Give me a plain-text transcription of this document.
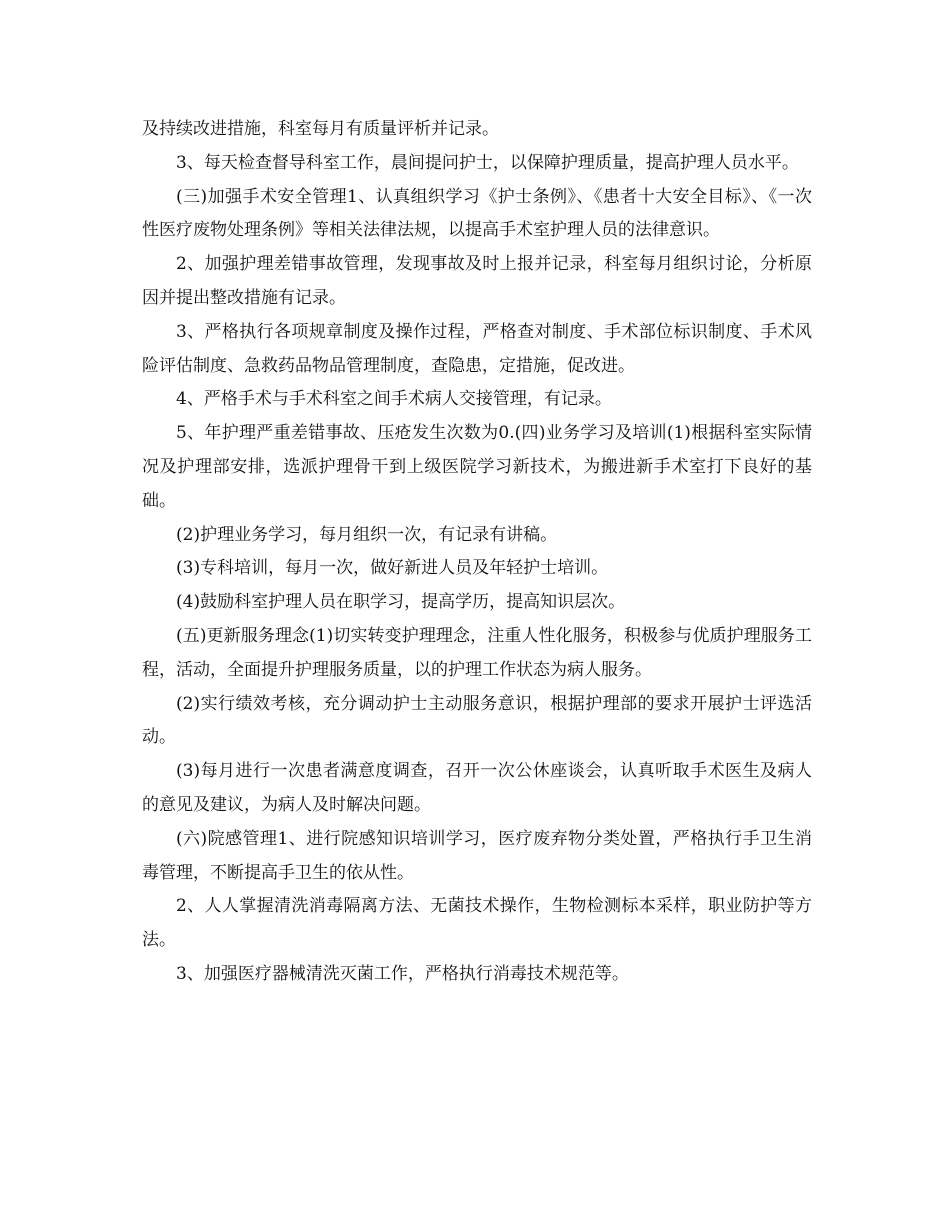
及持续改进措施，科室每月有质量评析并记录。

3、每天检查督导科室工作，晨间提问护士，以保障护理质量，提高护理人员水平。

(三)加强手术安全管理1、认真组织学习《护士条例》、《患者十大安全目标》、《一次性医疗废物处理条例》等相关法律法规，以提高手术室护理人员的法律意识。

2、加强护理差错事故管理，发现事故及时上报并记录，科室每月组织讨论，分析原因并提出整改措施有记录。

3、严格执行各项规章制度及操作过程，严格查对制度、手术部位标识制度、手术风险评估制度、急救药品物品管理制度，查隐患，定措施，促改进。

4、严格手术与手术科室之间手术病人交接管理，有记录。

5、年护理严重差错事故、压疮发生次数为0.(四)业务学习及培训(1)根据科室实际情况及护理部安排，选派护理骨干到上级医院学习新技术，为搬进新手术室打下良好的基础。

(2)护理业务学习，每月组织一次，有记录有讲稿。

(3)专科培训，每月一次，做好新进人员及年轻护士培训。

(4)鼓励科室护理人员在职学习，提高学历，提高知识层次。

(五)更新服务理念(1)切实转变护理理念，注重人性化服务，积极参与优质护理服务工程，活动，全面提升护理服务质量，以的护理工作状态为病人服务。

(2)实行绩效考核，充分调动护士主动服务意识，根据护理部的要求开展护士评选活动。

(3)每月进行一次患者满意度调查，召开一次公休座谈会，认真听取手术医生及病人的意见及建议，为病人及时解决问题。

(六)院感管理1、进行院感知识培训学习，医疗废弃物分类处置，严格执行手卫生消毒管理，不断提高手卫生的依从性。

2、人人掌握清洗消毒隔离方法、无菌技术操作，生物检测标本采样，职业防护等方法。

3、加强医疗器械清洗灭菌工作，严格执行消毒技术规范等。
